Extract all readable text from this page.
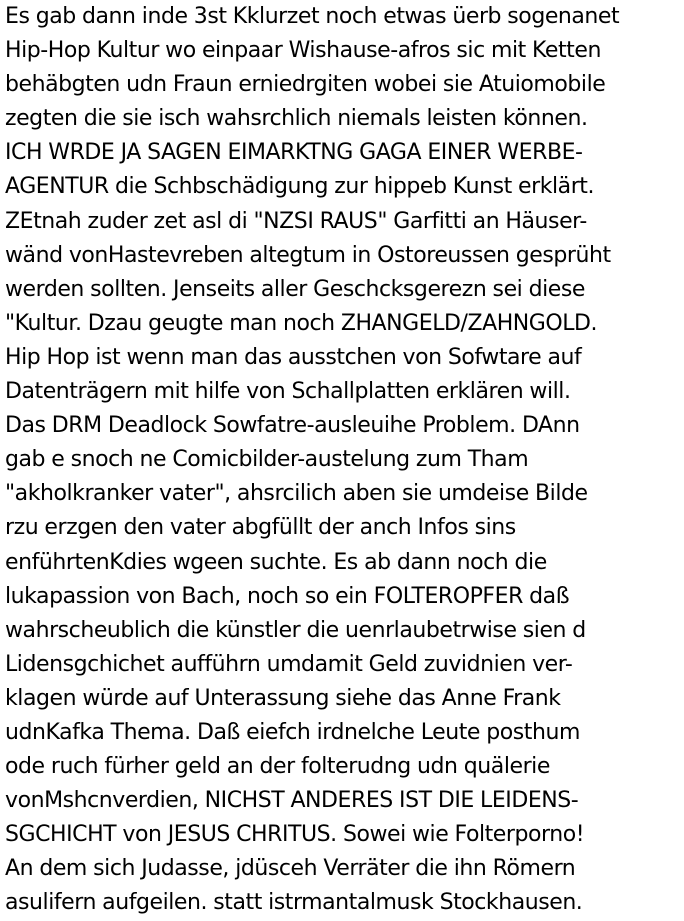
Es gab dann inde 3st Kklurzet noch etwas üerb sogenanet
Hip-Hop Kultur wo einpaar Wishause-afros sic mit Ketten
behäbgten udn Fraun erniedrgiten wobei sie Atuiomobile
zegten die sie isch wahsrchlich niemals leisten können.
ICH WRDE JA SAGEN EIMARKTNG GAGA EINER WERBE-
AGENTUR die Schbschädigung zur hippeb Kunst erklärt.
ZEtnah zuder zet asl di "NZSI RAUS" Garfitti an Häuser-
wänd vonHastevreben altegtum in Ostoreussen gesprüht
werden sollten. Jenseits aller Geschcksgerezn sei diese
"Kultur. Dzau geugte man noch ZHANGELD/ZAHNGOLD.
Hip Hop ist wenn man das ausstchen von Sofwtare auf
Datenträgern mit hilfe von Schallplatten erklären will.
Das DRM Deadlock Sowfatre-ausleuihe Problem. DAnn
gab e snoch ne Comicbilder-austelung zum Tham
"akholkranker vater", ahsrcilich aben sie umdeise Bilde
rzu erzgen den vater abgfüllt der anch Infos sins
enführtenKdies wgeen suchte. Es ab dann noch die
lukapassion von Bach, noch so ein FOLTEROPFER daß
wahrscheublich die künstler die uenrlaubetrwise sien d
Lidensgchichet aufführn umdamit Geld zuvidnien ver-
klagen würde auf Unterassung siehe das Anne Frank
udnKafka Thema. Daß eiefch irdnelche Leute posthum
ode ruch fürher geld an der folterudng udn quälerie
vonMshcnverdien, NICHST ANDERES IST DIE LEIDENS-
SGCHICHT von JESUS CHRITUS. Sowei wie Folterporno!
An dem sich Judasse, jdüsceh Verräter die ihn Römern
asulifern aufgeilen. statt istrmantalmusk Stockhausen.
